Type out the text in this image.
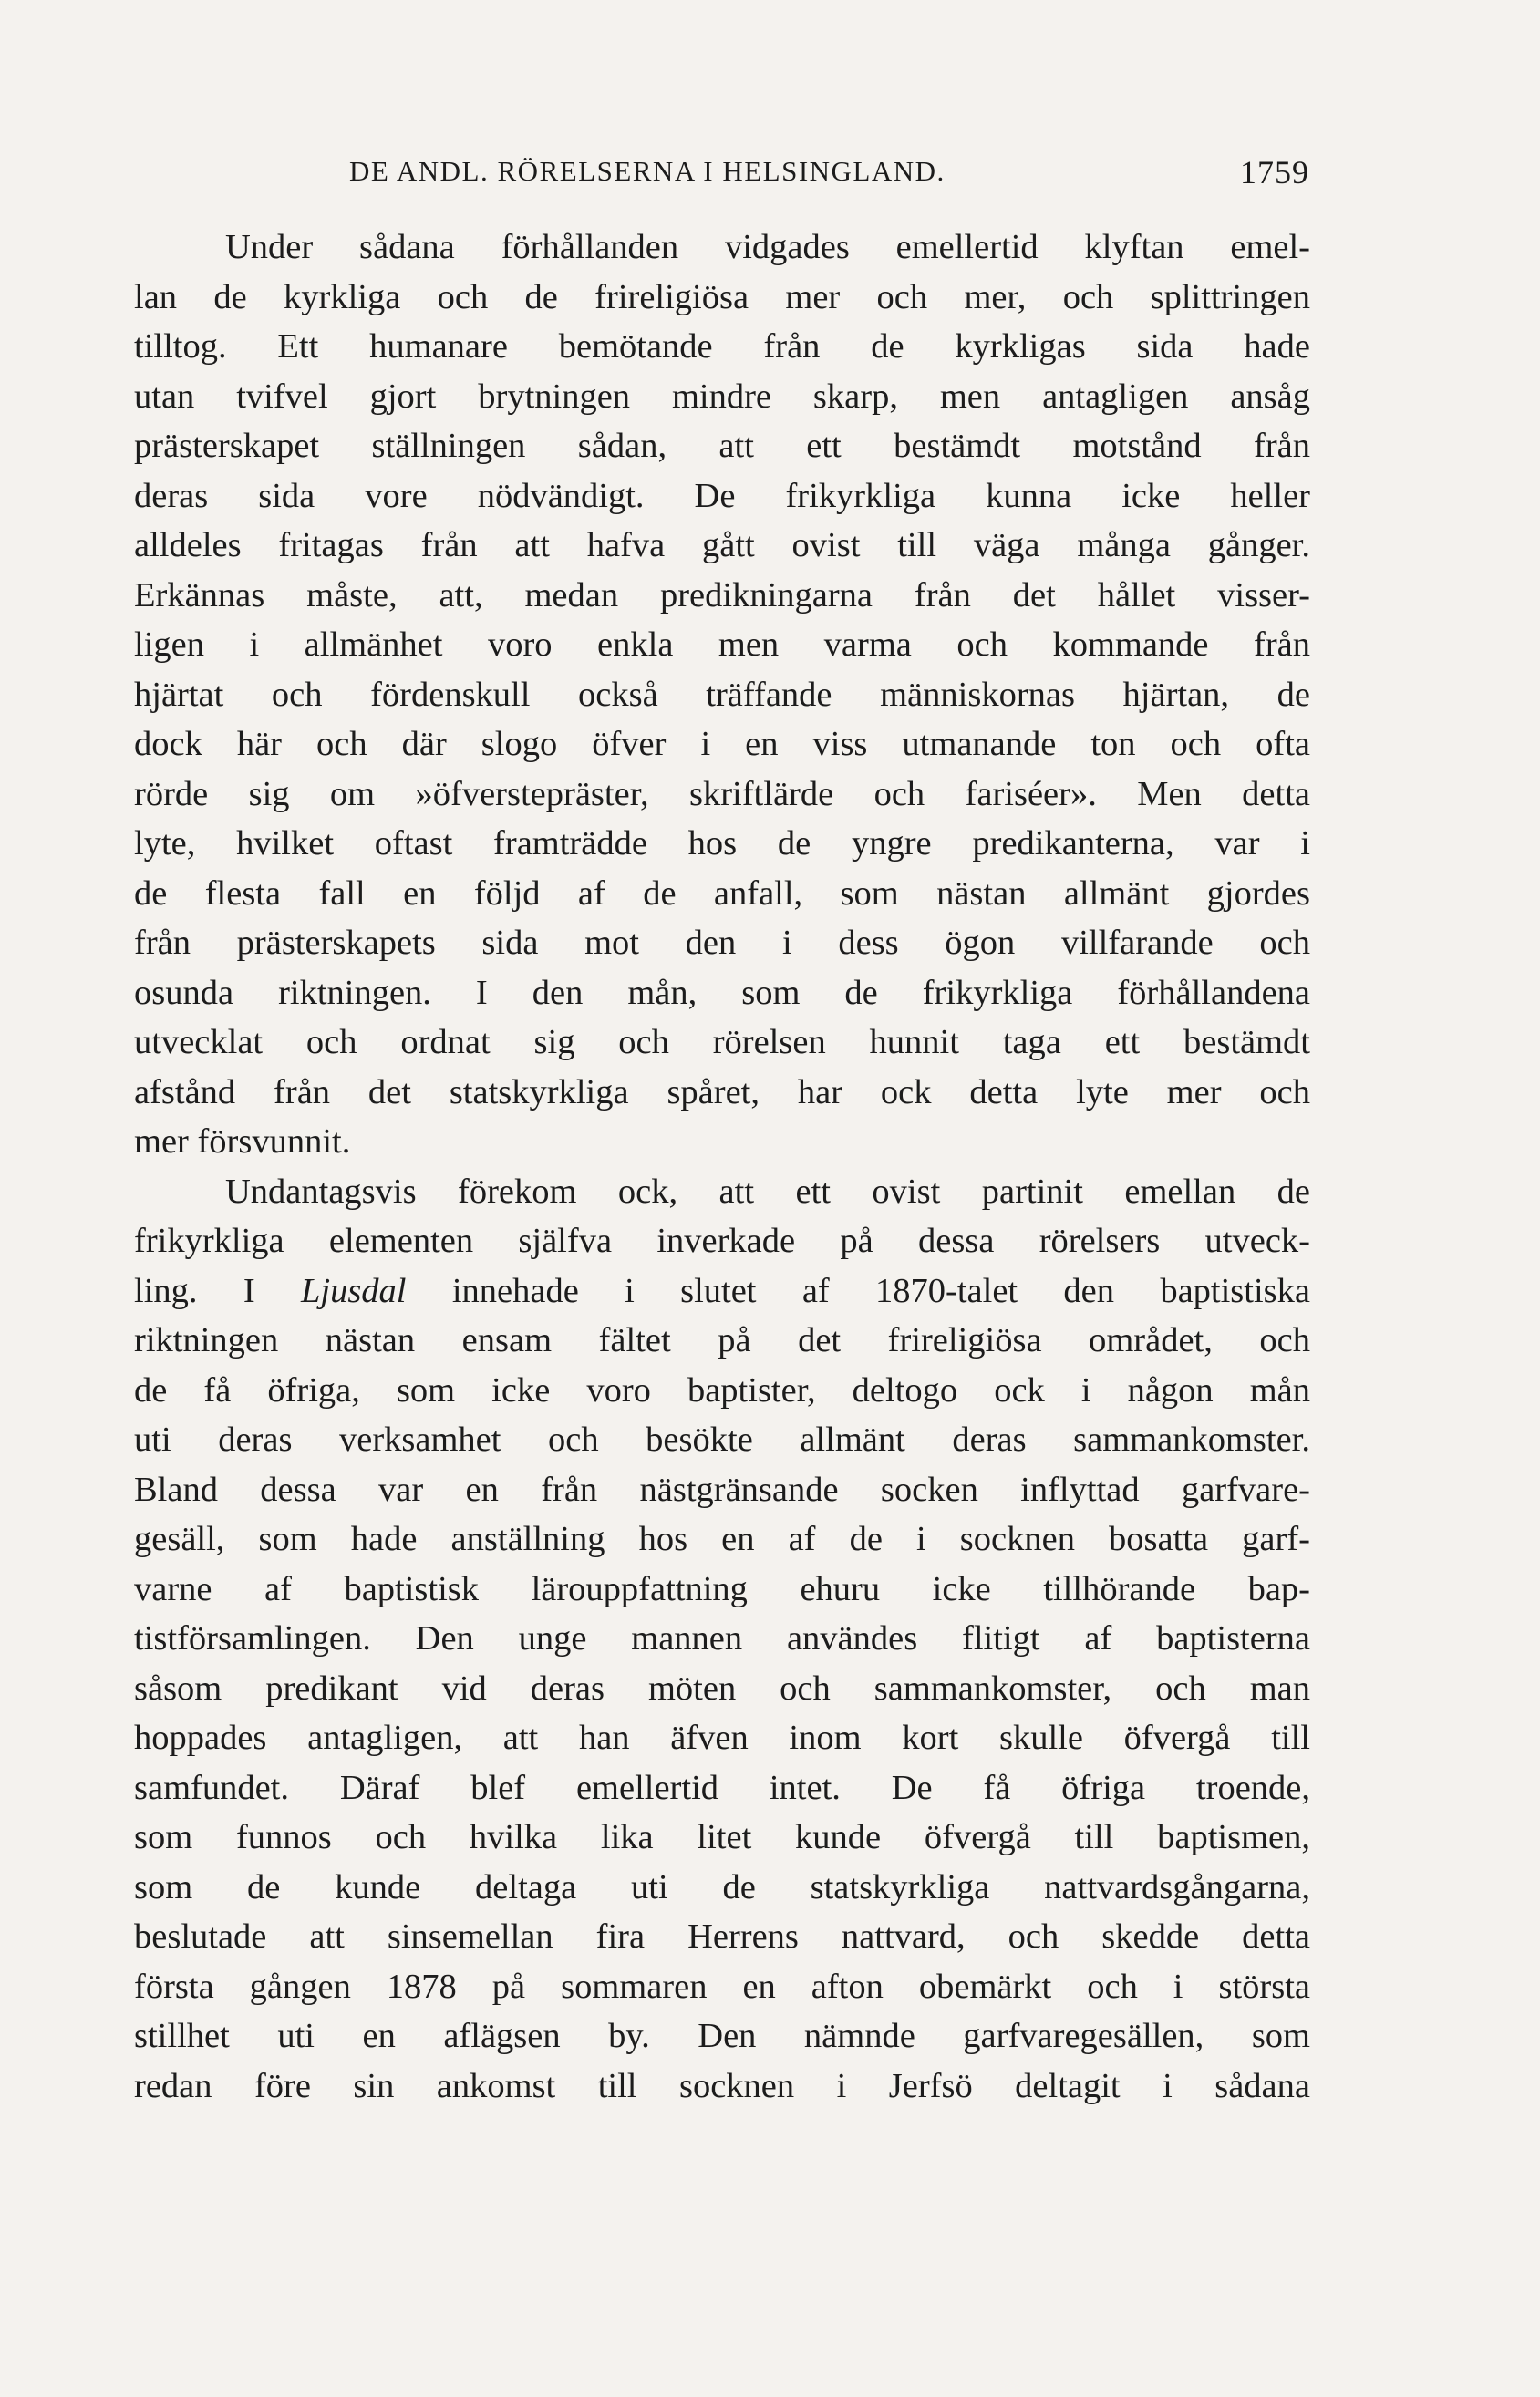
DE ANDL. RÖRELSERNA I HELSINGLAND.	1759
Under sådana förhållanden vidgades emellertid klyftan emel-
lan de kyrkliga och de frireligiösa mer och mer, och splittringen
tilltog. Ett humanare bemötande från de kyrkligas sida hade
utan tvifvel gjort brytningen mindre skarp, men antagligen ansåg
prästerskapet ställningen sådan, att ett bestämdt motstånd från
deras sida vore nödvändigt. De frikyrkliga kunna icke heller
alldeles fritagas från att hafva gått ovist till väga många gånger.
Erkännas måste, att, medan predikningarna från det hållet visser-
ligen i allmänhet voro enkla men varma och kommande från
hjärtat och fördenskull också träffande människornas hjärtan, de
dock här och där slogo öfver i en viss utmanande ton och ofta
rörde sig om »öfverstepräster, skriftlärde och fariséer». Men detta
lyte, hvilket oftast framträdde hos de yngre predikanterna, var i
de flesta fall en följd af de anfall, som nästan allmänt gjordes
från prästerskapets sida mot den i dess ögon villfarande och
osunda riktningen. I den mån, som de frikyrkliga förhållandena
utvecklat och ordnat sig och rörelsen hunnit taga ett bestämdt
afstånd från det statskyrkliga spåret, har ock detta lyte mer och
mer försvunnit.
Undantagsvis förekom ock, att ett ovist partinit emellan de
frikyrkliga elementen själfva inverkade på dessa rörelsers utveck-
ling. I Ljusdal innehade i slutet af 1870-talet den baptistiska
riktningen nästan ensam fältet på det frireligiösa området, och
de få öfriga, som icke voro baptister, deltogo ock i någon mån
uti deras verksamhet och besökte allmänt deras sammankomster.
Bland dessa var en från nästgränsande socken inflyttad garfvare-
gesäll, som hade anställning hos en af de i socknen bosatta garf-
varne af baptistisk lärouppfattning ehuru icke tillhörande bap-
tistförsamlingen. Den unge mannen användes flitigt af baptisterna
såsom predikant vid deras möten och sammankomster, och man
hoppades antagligen, att han äfven inom kort skulle öfvergå till
samfundet. Däraf blef emellertid intet. De få öfriga troende,
som funnos och hvilka lika litet kunde öfvergå till baptismen,
som de kunde deltaga uti de statskyrkliga nattvardsgångarna,
beslutade att sinsemellan fira Herrens nattvard, och skedde detta
första gången 1878 på sommaren en afton obemärkt och i största
stillhet uti en aflägsen by. Den nämnde garfvaregesällen, som
redan före sin ankomst till socknen i Jerfsö deltagit i sådana
